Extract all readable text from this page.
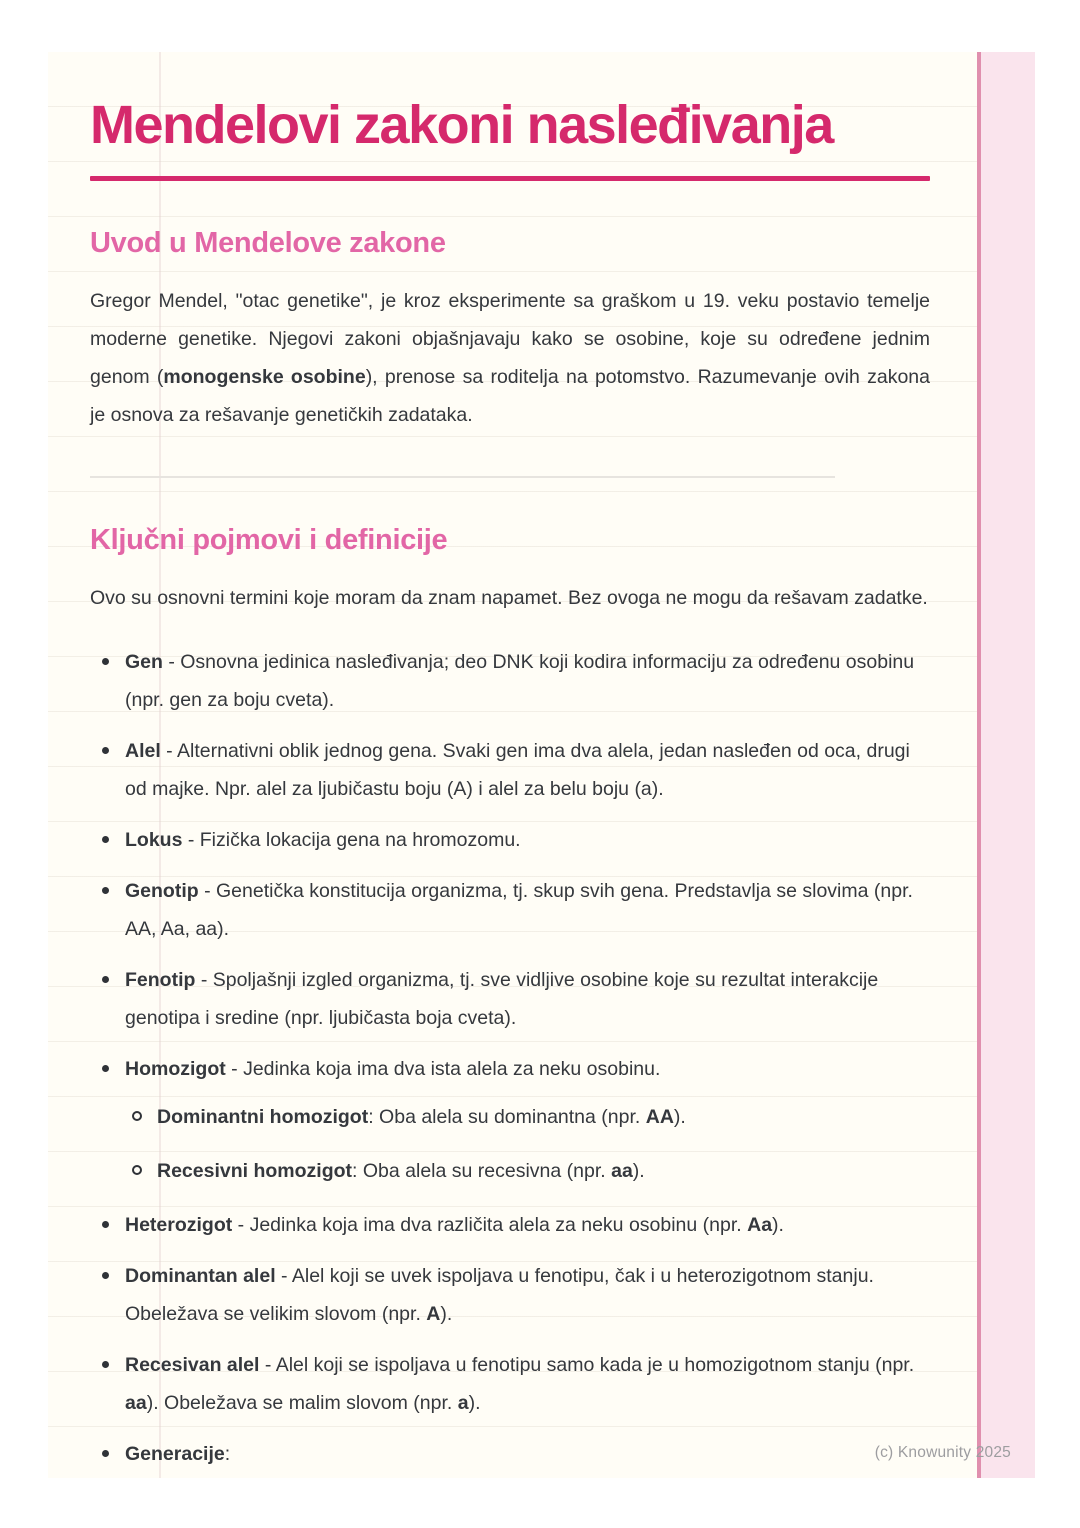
Mendelovi zakoni nasleđivanja
Uvod u Mendelove zakone

Gregor Mendel, "otac genetike", je kroz eksperimente sa graškom u 19. veku postavio temelje moderne genetike. Njegovi zakoni objašnjavaju kako se osobine, koje su određene jednim genom (monogenske osobine), prenose sa roditelja na potomstvo. Razumevanje ovih zakona je osnova za rešavanje genetičkih zadataka.

Ključni pojmovi i definicije

Ovo su osnovni termini koje moram da znam napamet. Bez ovoga ne mogu da rešavam zadatke.

Gen - Osnovna jedinica nasleđivanja; deo DNK koji kodira informaciju za određenu osobinu (npr. gen za boju cveta).
Alel - Alternativni oblik jednog gena. Svaki gen ima dva alela, jedan nasleđen od oca, drugi od majke. Npr. alel za ljubičastu boju (A) i alel za belu boju (a).
Lokus - Fizička lokacija gena na hromozomu.
Genotip - Genetička konstitucija organizma, tj. skup svih gena. Predstavlja se slovima (npr. AA, Aa, aa).
Fenotip - Spoljašnji izgled organizma, tj. sve vidljive osobine koje su rezultat interakcije genotipa i sredine (npr. ljubičasta boja cveta).
Homozigot - Jedinka koja ima dva ista alela za neku osobinu.
Dominantni homozigot: Oba alela su dominantna (npr. AA).
Recesivni homozigot: Oba alela su recesivna (npr. aa).
Heterozigot - Jedinka koja ima dva različita alela za neku osobinu (npr. Aa).
Dominantan alel - Alel koji se uvek ispoljava u fenotipu, čak i u heterozigotnom stanju. Obeležava se velikim slovom (npr. A).
Recesivan alel - Alel koji se ispoljava u fenotipu samo kada je u homozigotnom stanju (npr. aa). Obeležava se malim slovom (npr. a).
Generacije:	(c) Knowunity 2025
